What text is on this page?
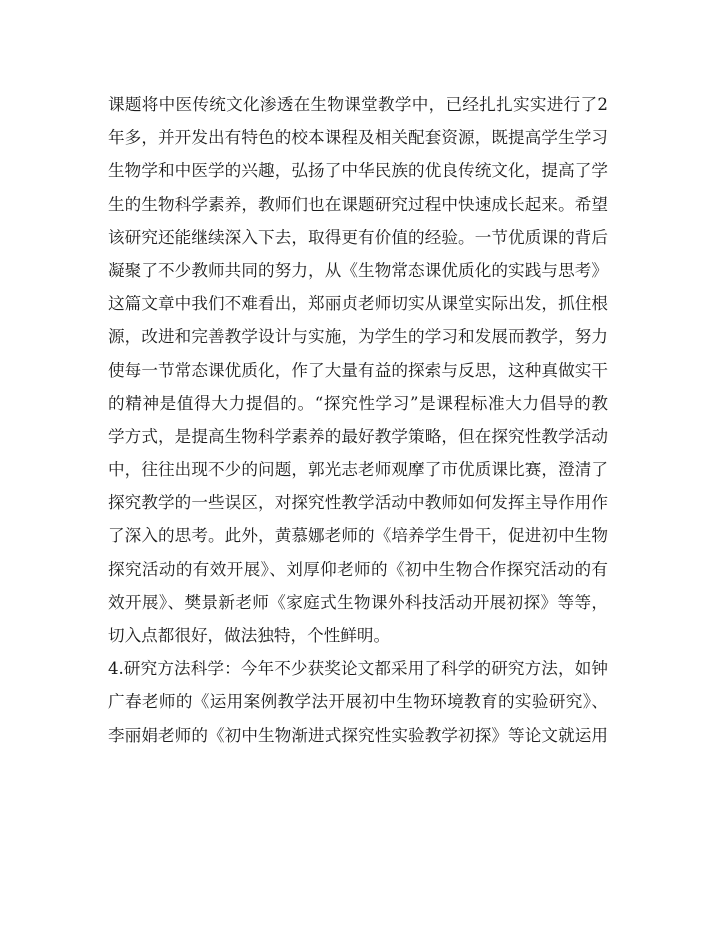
课题将中医传统文化渗透在生物课堂教学中，已经扎扎实实进行了2
年多，并开发出有特色的校本课程及相关配套资源，既提高学生学习
生物学和中医学的兴趣，弘扬了中华民族的优良传统文化，提高了学
生的生物科学素养，教师们也在课题研究过程中快速成长起来。希望
该研究还能继续深入下去，取得更有价值的经验。一节优质课的背后
凝聚了不少教师共同的努力，从《生物常态课优质化的实践与思考》
这篇文章中我们不难看出，郑丽贞老师切实从课堂实际出发，抓住根
源，改进和完善教学设计与实施，为学生的学习和发展而教学，努力
使每一节常态课优质化，作了大量有益的探索与反思，这种真做实干
的精神是值得大力提倡的。“探究性学习”是课程标准大力倡导的教
学方式，是提高生物科学素养的最好教学策略，但在探究性教学活动
中，往往出现不少的问题，郭光志老师观摩了市优质课比赛，澄清了
探究教学的一些误区，对探究性教学活动中教师如何发挥主导作用作
了深入的思考。此外，黄慕娜老师的《培养学生骨干，促进初中生物
探究活动的有效开展》、刘厚仰老师的《初中生物合作探究活动的有
效开展》、樊景新老师《家庭式生物课外科技活动开展初探》等等，
切入点都很好，做法独特，个性鲜明。
4.研究方法科学：今年不少获奖论文都采用了科学的研究方法，如钟
广春老师的《运用案例教学法开展初中生物环境教育的实验研究》、
李丽娟老师的《初中生物渐进式探究性实验教学初探》等论文就运用
